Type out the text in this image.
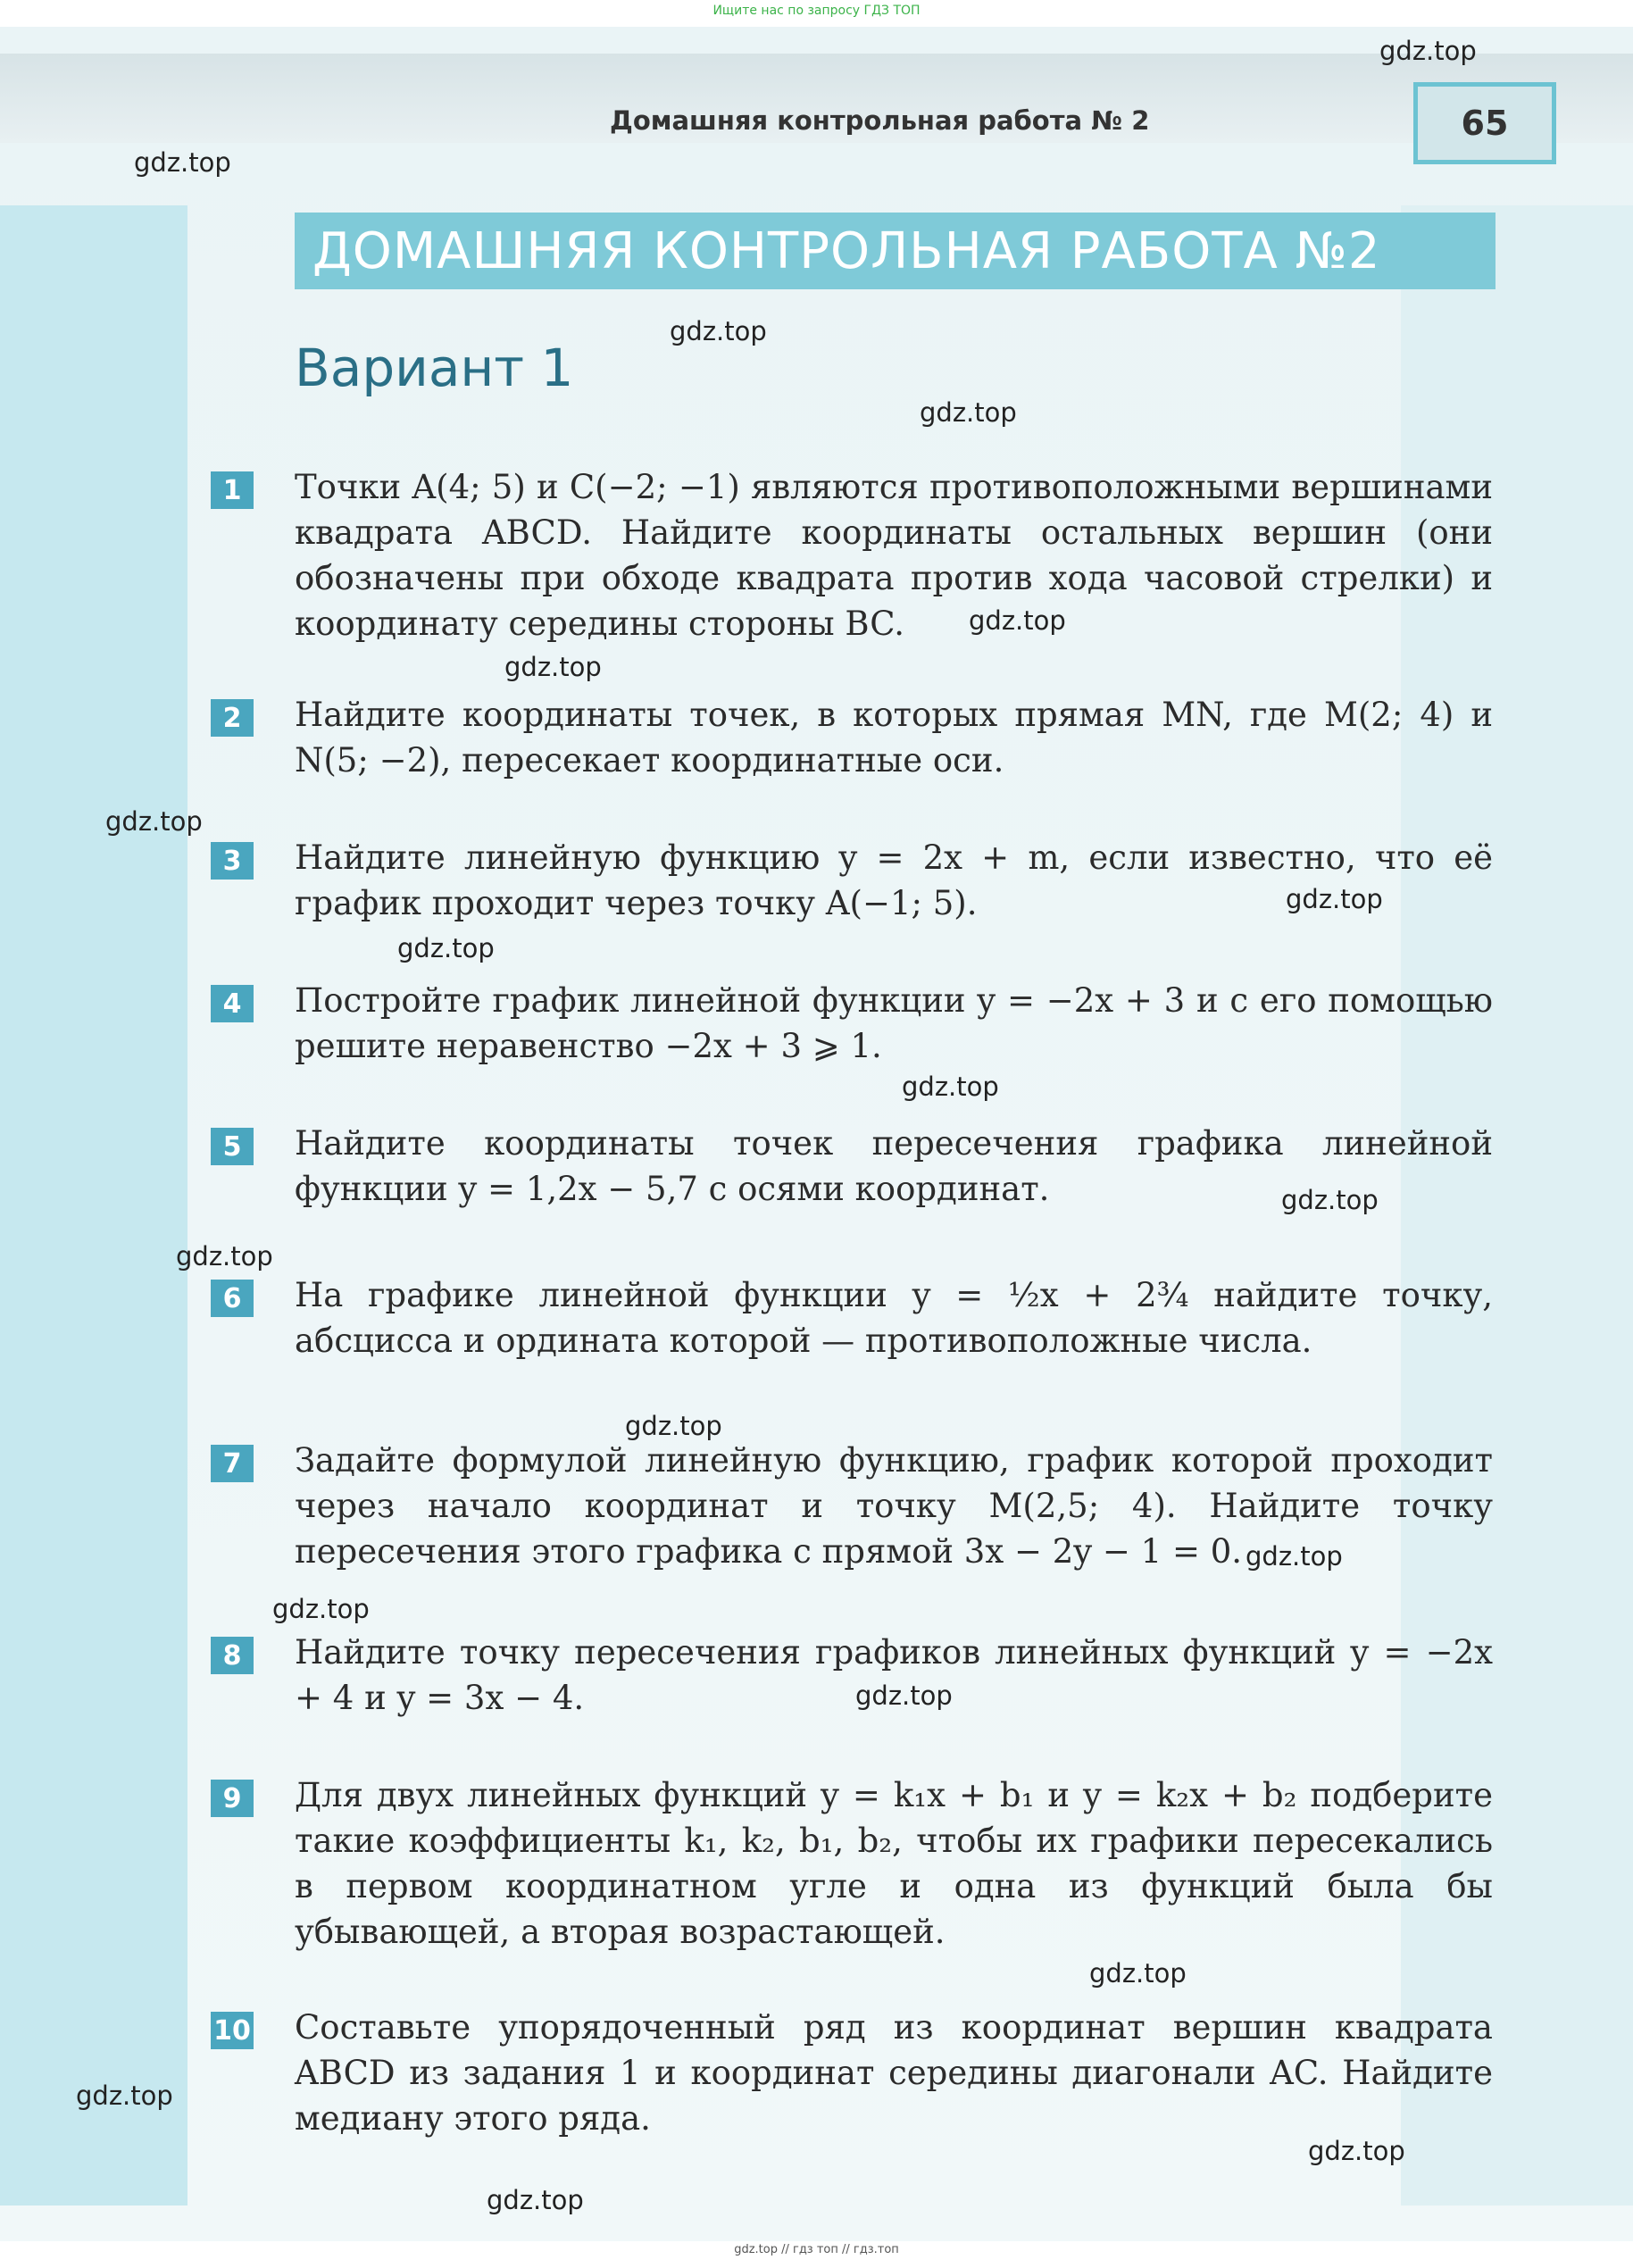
Ищите нас по запросу ГДЗ ТОП
Домашняя контрольная работа № 2	65
ДОМАШНЯЯ КОНТРОЛЬНАЯ РАБОТА №2
Вариант 1
1	Точки A(4; 5) и C(−2; −1) являются противоположными вершинами квадрата ABCD. Найдите координаты остальных вершин (они обозначены при обходе квадрата против хода часовой стрелки) и координату середины стороны BC.
2	Найдите координаты точек, в которых прямая MN, где M(2; 4) и N(5; −2), пересекает координатные оси.
3	Найдите линейную функцию y = 2x + m, если известно, что её график проходит через точку A(−1; 5).
4	Постройте график линейной функции y = −2x + 3 и с его помощью решите неравенство −2x + 3 ⩾ 1.
5	Найдите координаты точек пересечения графика линейной функции y = 1,2x − 5,7 с осями координат.
6	На графике линейной функции y = ½x + 2¾ найдите точку, абсцисса и ордината которой — противоположные числа.
7	Задайте формулой линейную функцию, график которой проходит через начало координат и точку M(2,5; 4). Найдите точку пересечения этого графика с прямой 3x − 2y − 1 = 0.
8	Найдите точку пересечения графиков линейных функций y = −2x + 4 и y = 3x − 4.
9	Для двух линейных функций y = k₁x + b₁ и y = k₂x + b₂ подберите такие коэффициенты k₁, k₂, b₁, b₂, чтобы их графики пересекались в первом координатном угле и одна из функций была бы убывающей, а вторая возрастающей.
10 Составьте упорядоченный ряд из координат вершин квадрата ABCD из задания 1 и координат середины диагонали AC. Найдите медиану этого ряда.
gdz.top
gdz.top
gdz.top
gdz.top
gdz.top
gdz.top
gdz.top
gdz.top
gdz.top
gdz.top
gdz.top
gdz.top
gdz.top
gdz.top
gdz.top
gdz.top
gdz.top
gdz.top
gdz.top
gdz.top
gdz.top // гдз топ // гдз.топ
